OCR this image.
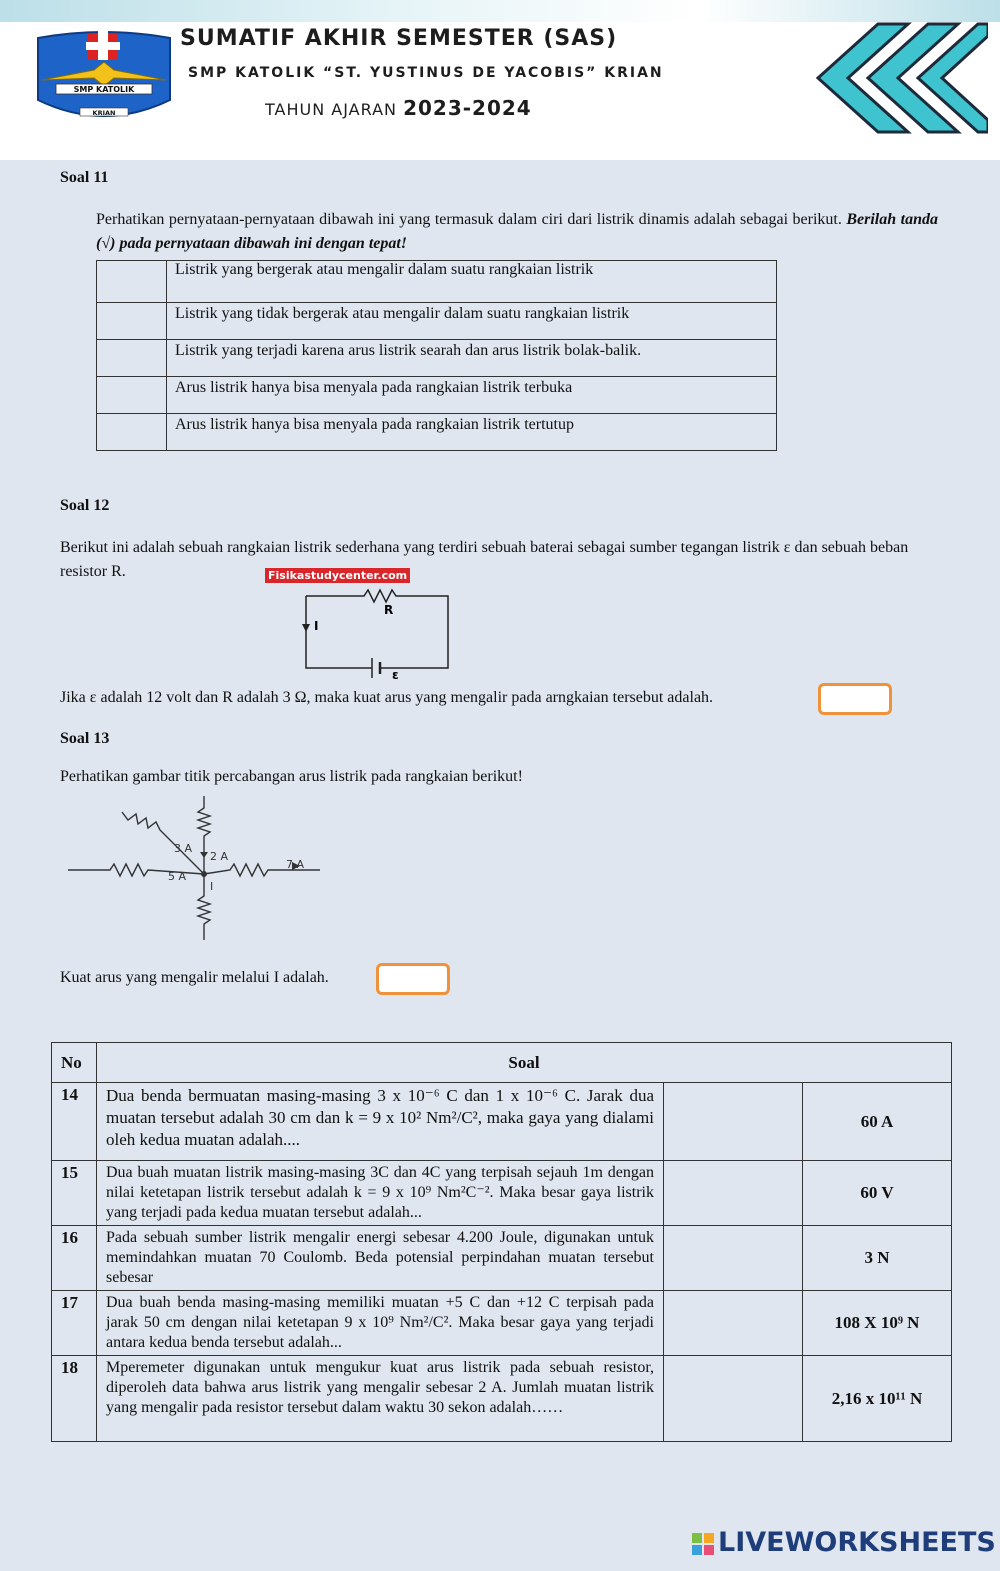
SMP KATOLIK
KRIAN
SUMATIF AKHIR SEMESTER (SAS)
SMP KATOLIK “ST. YUSTINUS DE YACOBIS” KRIAN
TAHUN AJARAN 2023-2024
Soal 11
Perhatikan pernyataan-pernyataan dibawah ini yang termasuk dalam ciri dari listrik dinamis adalah sebagai berikut. Berilah tanda (√) pada pernyataan dibawah ini dengan tepat!
	Listrik yang bergerak atau mengalir dalam suatu rangkaian listrik
	Listrik yang tidak bergerak atau mengalir dalam suatu rangkaian listrik
	Listrik yang terjadi karena arus listrik searah dan arus listrik bolak-balik.
	Arus listrik hanya bisa menyala pada rangkaian listrik terbuka
	Arus listrik hanya bisa menyala pada rangkaian listrik tertutup
Soal 12
Berikut ini adalah sebuah rangkaian listrik sederhana yang terdiri sebuah baterai sebagai sumber tegangan listrik ε dan sebuah beban resistor R.	Fisikastudycenter.com
R
I
ε
Jika ε adalah 12 volt dan R adalah 3 Ω, maka kuat arus yang mengalir pada arngkaian tersebut adalah.
Soal 13
Perhatikan gambar titik percabangan arus listrik pada rangkaian berikut!
3 A
2 A
5 A
7 A
I
Kuat arus yang mengalir melalui I adalah.
No	Soal		
14	Dua benda bermuatan masing-masing 3 x 10⁻⁶ C dan 1 x 10⁻⁶ C. Jarak dua muatan tersebut adalah 30 cm dan k = 9 x 10² Nm²/C², maka gaya yang dialami oleh kedua muatan adalah....		60 A
15	Dua buah muatan listrik masing-masing 3C dan 4C yang terpisah sejauh 1m dengan nilai ketetapan listrik tersebut adalah k = 9 x 10⁹ Nm²C⁻². Maka besar gaya listrik yang terjadi pada kedua muatan tersebut adalah...		60 V
16	Pada sebuah sumber listrik mengalir energi sebesar 4.200 Joule, digunakan untuk memindahkan muatan 70 Coulomb. Beda potensial perpindahan muatan tersebut sebesar		3 N
17	Dua buah benda masing-masing memiliki muatan +5 C dan +12 C terpisah pada jarak 50 cm dengan nilai ketetapan 9 x 10⁹ Nm²/C². Maka besar gaya yang terjadi antara kedua benda tersebut adalah...		108 X 10⁹ N
18	Mperemeter digunakan untuk mengukur kuat arus listrik pada sebuah resistor, diperoleh data bahwa arus listrik yang mengalir sebesar 2 A. Jumlah muatan listrik yang mengalir pada resistor tersebut dalam waktu 30 sekon adalah……		2,16 x 10¹¹ N
LIVEWORKSHEETS
